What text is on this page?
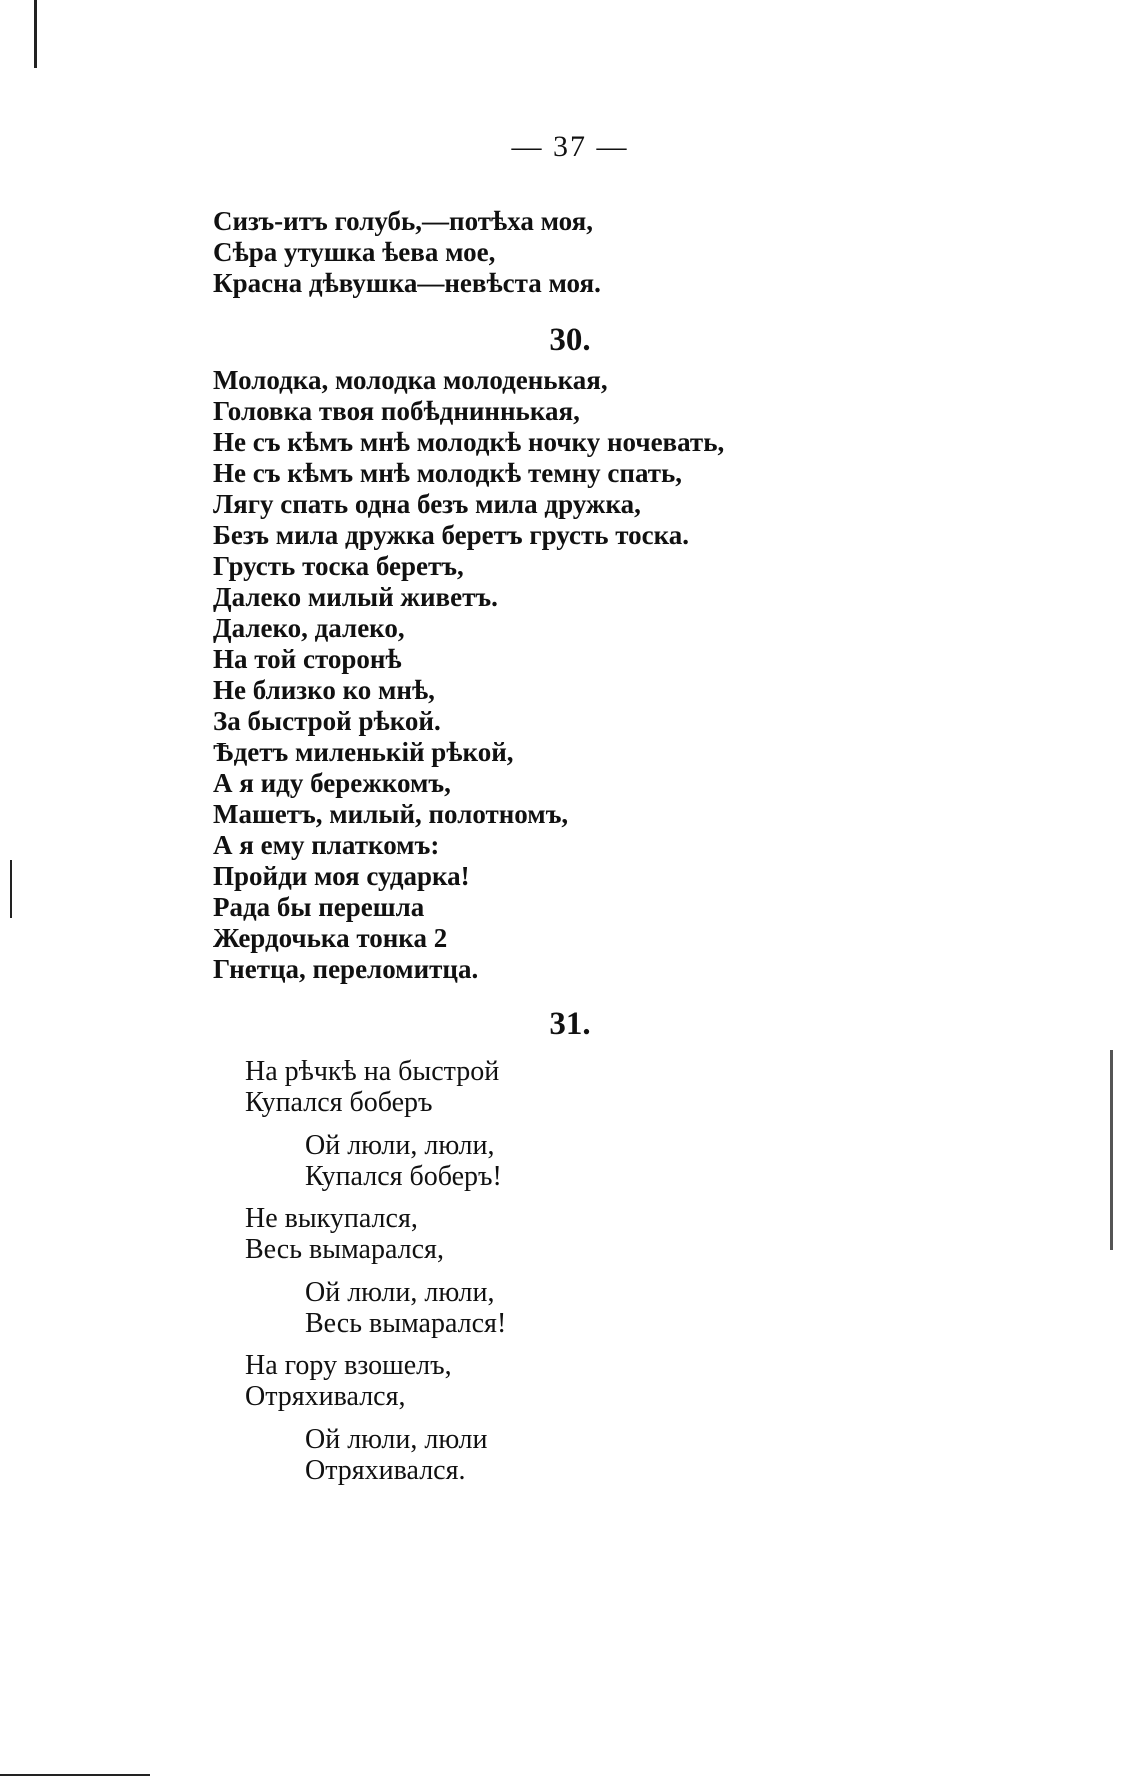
— 37 —
Сизъ-итъ голубь,—потѣха моя,
Сѣра утушка ѣева мое,
Красна дѣвушка—невѣста моя.
30.
Молодка, молодка молоденькая,
Головка твоя побѣдниннькая,
Не съ кѣмъ мнѣ молодкѣ ночку ночевать,
Не съ кѣмъ мнѣ молодкѣ темну спать,
Лягу спать одна безъ мила дружка,
Безъ мила дружка беретъ грусть тоска.
Грусть тоска беретъ,
Далеко милый живетъ.
Далеко, далеко,
На той сторонѣ
Не близко ко мнѣ,
За быстрой рѣкой.
Ѣдетъ миленькій рѣкой,
А я иду бережкомъ,
Машетъ, милый, полотномъ,
А я ему платкомъ:
Пройди моя сударка!
Рада бы перешла
Жердочька тонка 2
Гнетца, переломитца.
31.
На рѣчкѣ на быстрой
Купался боберъ
Ой люли, люли,
Купался боберъ!
Не выкупался,
Весь вымарался,
Ой люли, люли,
Весь вымарался!
На гору взошелъ,
Отряхивался,
Ой люли, люли
Отряхивался.
